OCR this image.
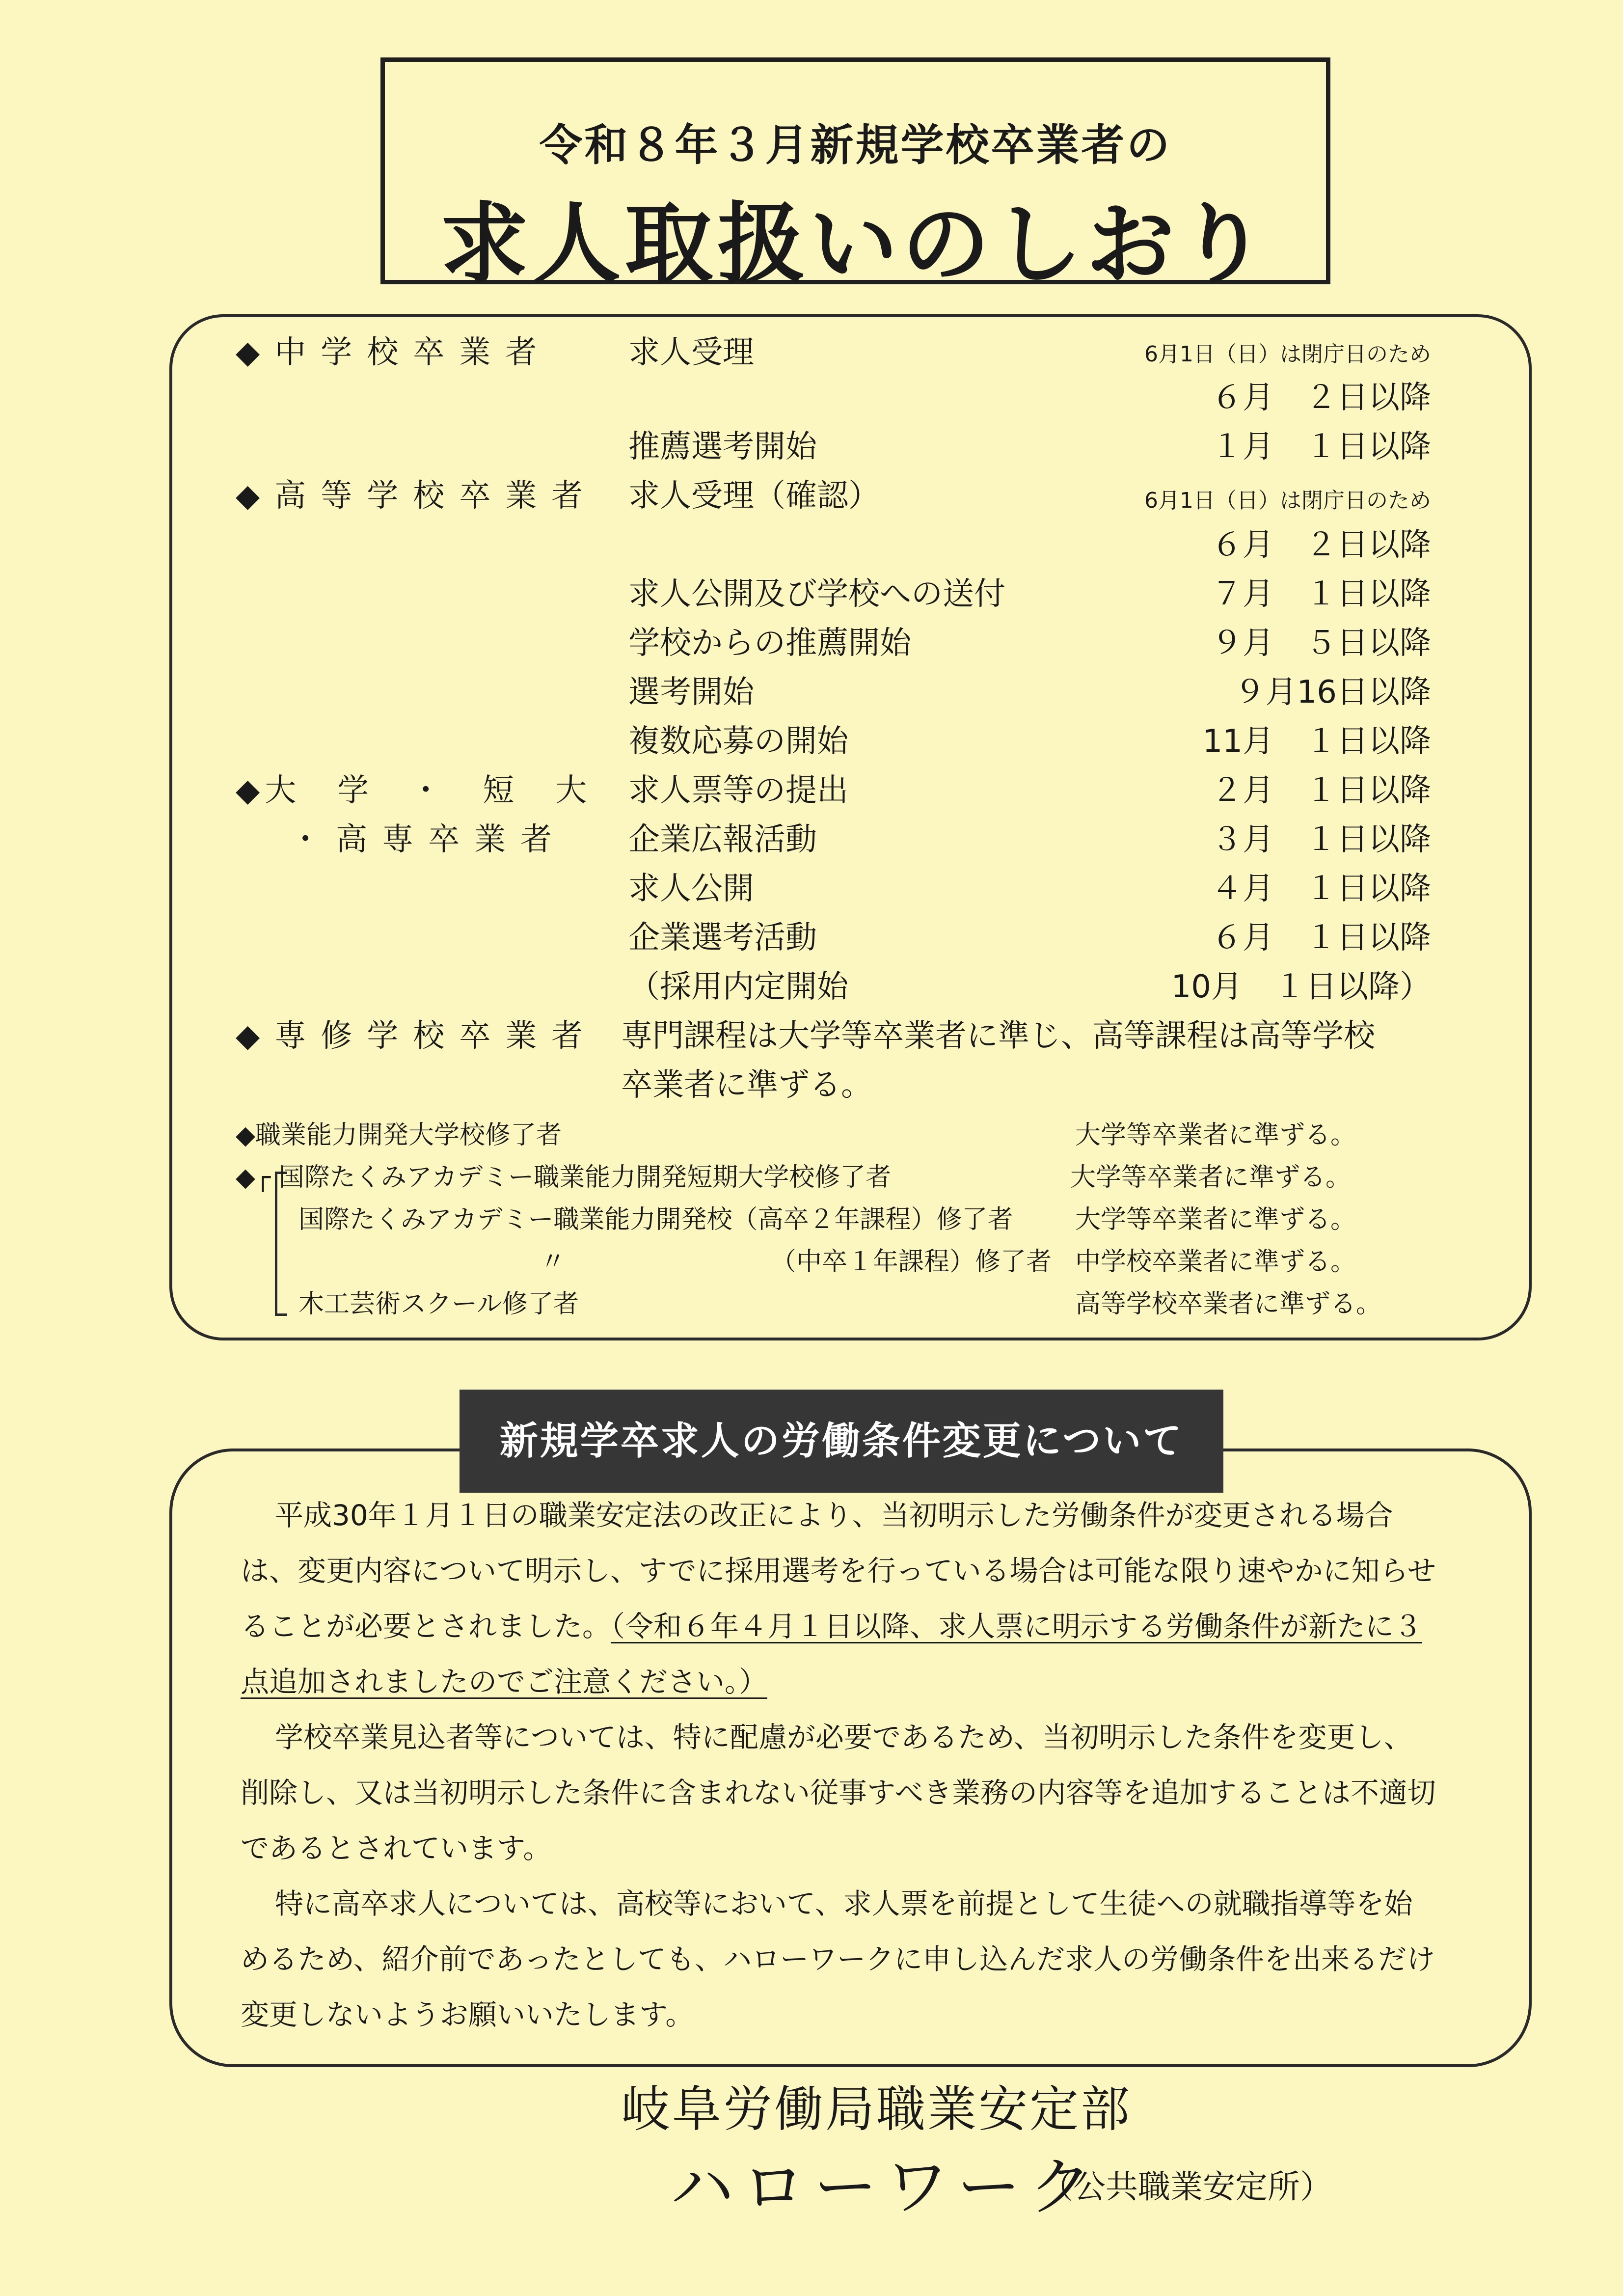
令和８年３月新規学校卒業者の
求人取扱いのしおり
◆中学校卒業者 求人受理	6月1日（日）は閉庁日のため
６月　２日以降
推薦選考開始	１月　１日以降
◆高等学校卒業者 求人受理（確認）	6月1日（日）は閉庁日のため
６月　２日以降
求人公開及び学校への送付	７月　１日以降
学校からの推薦開始	９月　５日以降
選考開始	９月16日以降
複数応募の開始	11月　１日以降
◆大　学　・　短　大 求人票等の提出	２月　１日以降
・高専卒業者 企業広報活動	３月　１日以降
求人公開	４月　１日以降
企業選考活動	６月　１日以降
（採用内定開始	10月　１日以降）
◆専修学校卒業者 専門課程は大学等卒業者に準じ、高等課程は高等学校
卒業者に準ずる。
◆職業能力開発大学校修了者	大学等卒業者に準ずる。
◆┌ 国際たくみアカデミー職業能力開発短期大学校修了者	大学等卒業者に準ずる。
国際たくみアカデミー職業能力開発校（高卒２年課程）修了者 大学等卒業者に準ずる。
〃	（中卒１年課程）修了者 中学校卒業者に準ずる。
木工芸術スクール修了者	高等学校卒業者に準ずる。
新規学卒求人の労働条件変更について

平成30年１月１日の職業安定法の改正により、当初明示した労働条件が変更される場合は、変更内容について明示し、すでに採用選考を行っている場合は可能な限り速やかに知らせることが必要とされました。（令和６年４月１日以降、求人票に明示する労働条件が新たに３点追加されましたのでご注意ください。）

学校卒業見込者等については、特に配慮が必要であるため、当初明示した条件を変更し、削除し、又は当初明示した条件に含まれない従事すべき業務の内容等を追加することは不適切であるとされています。

特に高卒求人については、高校等において、求人票を前提として生徒への就職指導等を始めるため、紹介前であったとしても、ハローワークに申し込んだ求人の労働条件を出来るだけ変更しないようお願いいたします。

岐阜労働局職業安定部
ハローワーク
（公共職業安定所）
